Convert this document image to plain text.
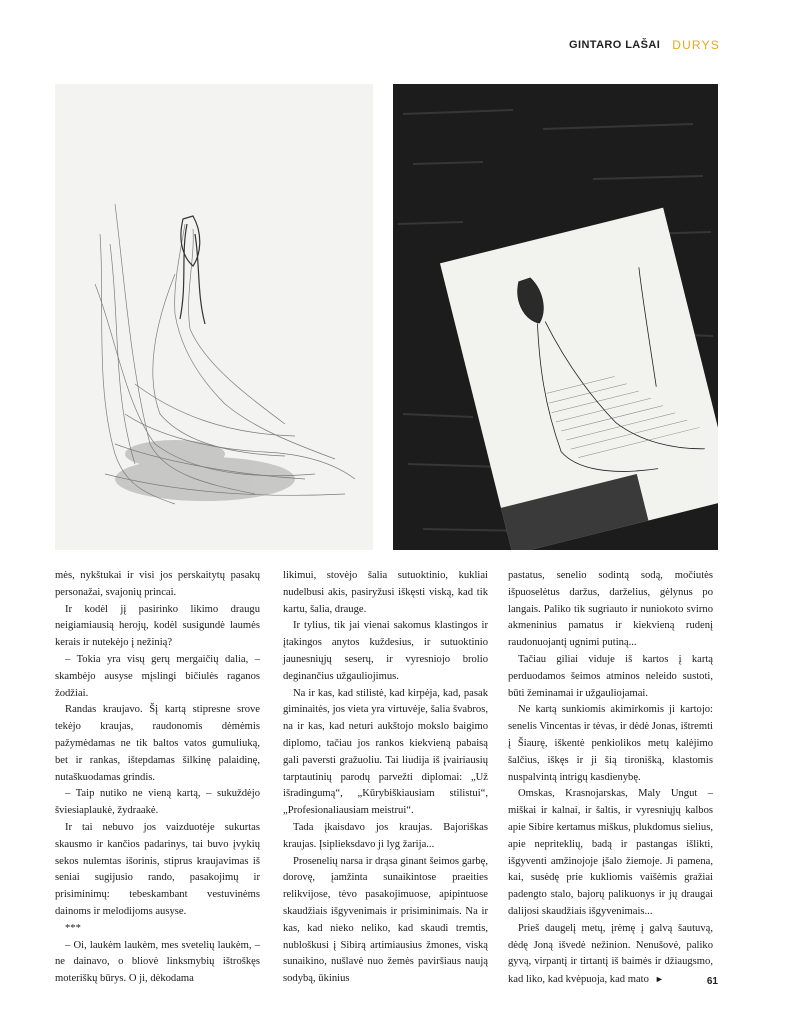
GINTARO LAŠAI DURYS

mės, nykštukai ir visi jos perskaitytų pasakų personažai, svajonių princai.

Ir kodėl jį pasirinko likimo draugu neigiamiausią herojų, kodėl susigundė laumės kerais ir nutekėjo į nežinią?

– Tokia yra visų gerų mergaičių dalia, – skambėjo ausyse mįslingi bičiulės raganos žodžiai.

Randas kraujavo. Šį kartą stipresne srove tekėjo kraujas, raudonomis dėmėmis pažymėdamas ne tik baltos vatos gumuliuką, bet ir rankas, ištepdamas šilkinę palaidinę, nutaškuodamas grindis.

– Taip nutiko ne vieną kartą, – sukuždėjo šviesiaplaukė, žydraakė.

Ir tai nebuvo jos vaizduotėje sukurtas skausmo ir kančios padarinys, tai buvo įvykių sekos nulemtas išorinis, stiprus kraujavimas iš seniai sugijusio rando, pasakojimų ir prisiminimų: tebeskambant vestuvinėms dainoms ir melodijoms ausyse.

***

– Oi, laukėm laukėm, mes svetelių laukėm, – ne dainavo, o bliovė linksmybių ištroškęs moteriškų būrys. O ji, dėkodama

likimui, stovėjo šalia sutuoktinio, kukliai nudelbusi akis, pasiryžusi iškęsti viską, kad tik kartu, šalia, drauge.

Ir tylius, tik jai vienai sakomus klastingos ir įtakingos anytos kuždesius, ir sutuoktinio jaunesniųjų seserų, ir vyresniojo brolio deginančius užgauliojimus.

Na ir kas, kad stilistė, kad kirpėja, kad, pasak giminaitės, jos vieta yra virtuvėje, šalia švabros, na ir kas, kad neturi aukštojo mokslo baigimo diplomo, tačiau jos rankos kiekvieną pabaisą gali paversti gražuoliu. Tai liudija iš įvairiausių tarptautinių parodų parvežti diplomai: „Už išradingumą“, „Kūrybiškiausiam stilistui“, „Profesionaliausiam meistrui“.

Tada įkaisdavo jos kraujas. Bajoriškas kraujas. Įsiplieksdavo ji lyg žarija...

Prosenelių narsa ir drąsa ginant šeimos garbę, dorovę, įamžinta sunaikintose praeities relikvijose, tėvo pasakojimuose, apipintuose skaudžiais išgyvenimais ir prisiminimais. Na ir kas, kad nieko neliko, kad skaudi tremtis, nubloškusi į Sibirą artimiausius žmones, viską sunaikino, nušlavė nuo žemės paviršiaus naują sodybą, ūkinius

pastatus, senelio sodintą sodą, močiutės išpuoselėtus daržus, darželius, gėlynus po langais. Paliko tik sugriauto ir nuniokoto svirno akmeninius pamatus ir kiekvieną rudenį raudonuojantį ugnimi putiną...

Tačiau giliai viduje iš kartos į kartą perduodamos šeimos atminos neleido sustoti, būti žeminamai ir užgauliojamai.

Ne kartą sunkiomis akimirkomis ji kartojo: senelis Vincentas ir tėvas, ir dėdė Jonas, ištremti į Šiaurę, iškentė penkiolikos metų kalėjimo šalčius, iškęs ir ji šią tironišką, klastomis nuspalvintą intrigų kasdienybę.

Omskas, Krasnojarskas, Maly Ungut – miškai ir kalnai, ir šaltis, ir vyresniųjų kalbos apie Sibire kertamus miškus, plukdomus sielius, apie nepriteklių, badą ir pastangas išlikti, išgyventi amžinojoje įšalo žiemoje. Ji pamena, kai, susėdę prie kukliomis vaišėmis gražiai padengto stalo, bajorų palikuonys ir jų draugai dalijosi skaudžiais išgyvenimais...

Prieš daugelį metų, įrėmę į galvą šautuvą, dėdę Joną išvedė nežinion. Nenušovė, paliko gyvą, virpantį ir tirtantį iš baimės ir džiaugsmo, kad liko, kad kvėpuoja, kad mato ►	61
